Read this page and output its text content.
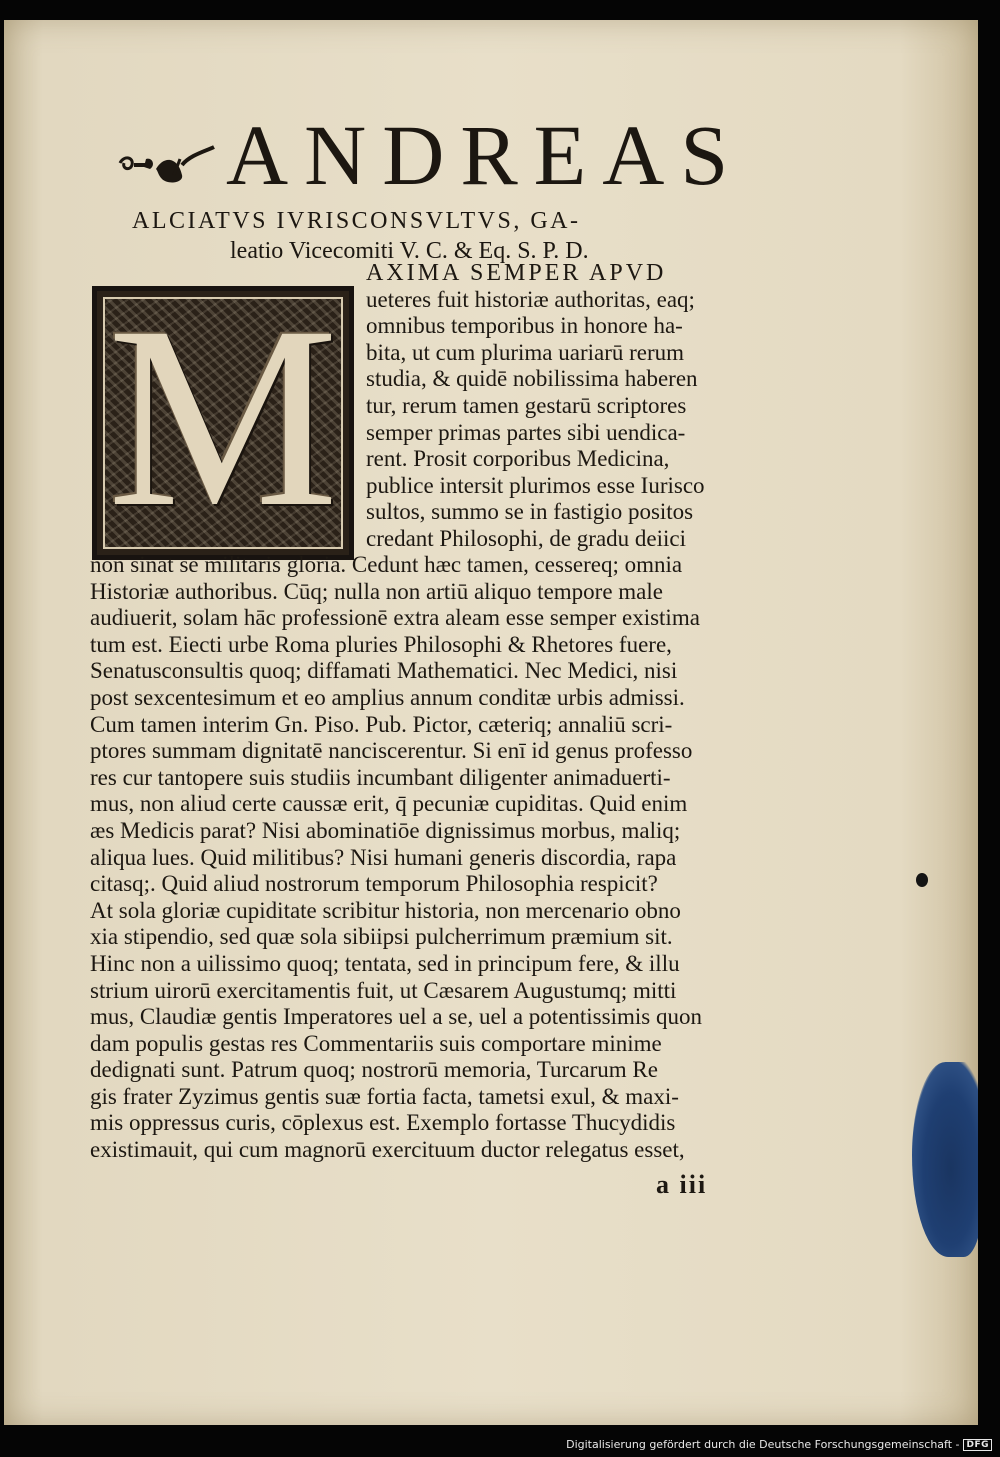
ANDREAS

ALCIATVS IVRISCONSVLTVS, GA-

leatio Vicecomiti V. C. & Eq. S. P. D.

M AXIMA SEMPER APVD
ueteres fuit historiæ authoritas, eaq;
omnibus temporibus in honore ha-
bita, ut cum plurima uariarū rerum
studia, & quidē nobilissima haberen
tur, rerum tamen gestarū scriptores
semper primas partes sibi uendica-
rent. Prosit corporibus Medicina,
publice intersit plurimos esse Iurisco
sultos, summo se in fastigio positos
credant Philosophi, de gradu deiici
non sinat se militaris gloria. Cedunt hæc tamen, cessereq; omnia
Historiæ authoribus. Cūq; nulla non artiū aliquo tempore male
audiuerit, solam hāc professionē extra aleam esse semper existima
tum est. Eiecti urbe Roma pluries Philosophi & Rhetores fuere,
Senatusconsultis quoq; diffamati Mathematici. Nec Medici, nisi
post sexcentesimum et eo amplius annum conditæ urbis admissi.
Cum tamen interim Gn. Piso. Pub. Pictor, cæteriq; annaliū scri-
ptores summam dignitatē nanciscerentur. Si enī id genus professo
res cur tantopere suis studiis incumbant diligenter animaduerti-
mus, non aliud certe caussæ erit, q̄ pecuniæ cupiditas. Quid enim
æs Medicis parat? Nisi abominatiōe dignissimus morbus, maliq;
aliqua lues. Quid militibus? Nisi humani generis discordia, rapa
citasq;. Quid aliud nostrorum temporum Philosophia respicit?
At sola gloriæ cupiditate scribitur historia, non mercenario obno
xia stipendio, sed quæ sola sibiipsi pulcherrimum præmium sit.
Hinc non a uilissimo quoq; tentata, sed in principum fere, & illu
strium uirorū exercitamentis fuit, ut Cæsarem Augustumq; mitti
mus, Claudiæ gentis Imperatores uel a se, uel a potentissimis quon
dam populis gestas res Commentariis suis comportare minime
dedignati sunt. Patrum quoq; nostrorū memoria, Turcarum Re
gis frater Zyzimus gentis suæ fortia facta, tametsi exul, & maxi-
mis oppressus curis, cōplexus est. Exemplo fortasse Thucydidis
existimauit, qui cum magnorū exercituum ductor relegatus esset,

a iii

Digitalisierung gefördert durch die Deutsche Forschungsgemeinschaft - DFG
